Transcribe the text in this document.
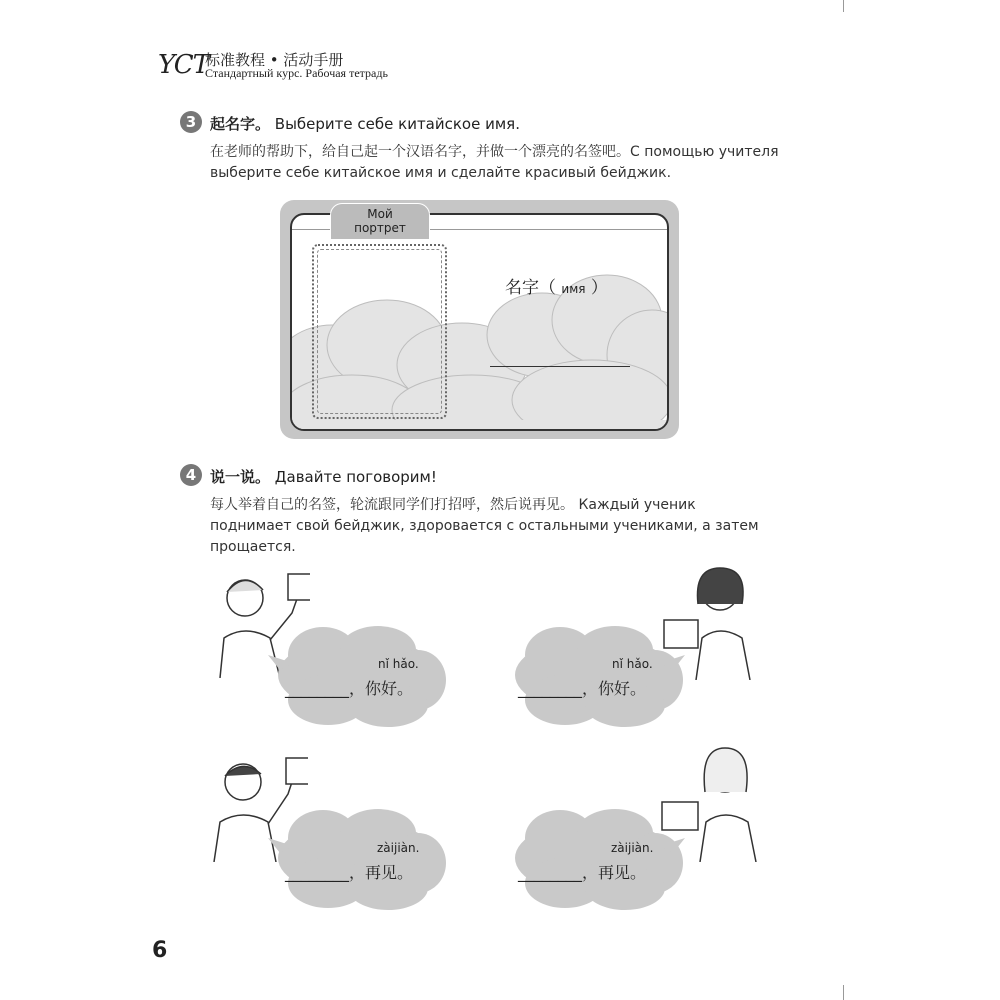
YCT
标准教程 • 活动手册
Стандартный курс. Рабочая тетрадь
3 起名字。 Выберите себе китайское имя.
在老师的帮助下，给自己起一个汉语名字，并做一个漂亮的名签吧。С помощью учителя
выберите себе китайское имя и сделайте красивый бейджик.
Мой
портрет
名字（ имя ）
4 说一说。 Давайте поговорим!
每人举着自己的名签，轮流跟同学们打招呼，然后说再见。 Каждый ученик
поднимает свой бейджик, здоровается с остальными учениками, а затем
прощается.
nǐ hǎo.
________，你好。
nǐ hǎo.
________，你好。
zàijiàn.
________，再见。
zàijiàn.
________，再见。
6
